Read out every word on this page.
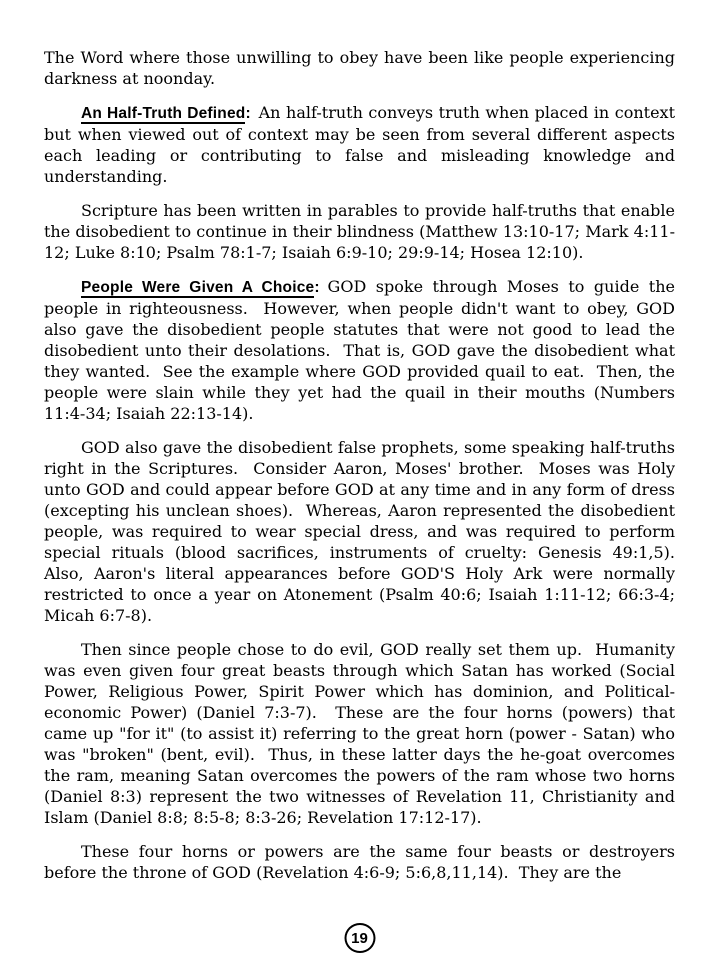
The Word where those unwilling to obey have been like people experiencing darkness at noonday.

An Half-Truth Defined:  An half-truth conveys truth when placed in context but when viewed out of context may be seen from several different aspects each leading or contributing to false and misleading knowledge and understanding.

Scripture has been written in parables to provide half-truths that enable the disobedient to continue in their blindness (Matthew 13:10-17; Mark 4:11-12; Luke 8:10; Psalm 78:1-7; Isaiah 6:9-10; 29:9-14; Hosea 12:10).

People Were Given A Choice:  GOD spoke through Moses to guide the people in righteousness.  However, when people didn't want to obey, GOD also gave the disobedient people statutes that were not good to lead the disobedient unto their desolations.  That is, GOD gave the disobedient what they wanted.  See the example where GOD provided quail to eat.  Then, the people were slain while they yet had the quail in their mouths (Numbers 11:4-34; Isaiah 22:13-14).

GOD also gave the disobedient false prophets, some speaking half-truths right in the Scriptures.  Consider Aaron, Moses' brother.  Moses was Holy unto GOD and could appear before GOD at any time and in any form of dress (excepting his unclean shoes).  Whereas, Aaron represented the disobedient people, was required to wear special dress, and was required to perform special rituals (blood sacrifices, instruments of cruelty: Genesis 49:1,5).  Also, Aaron's literal appearances before GOD'S Holy Ark were normally restricted to once a year on Atonement (Psalm 40:6; Isaiah 1:11-12; 66:3-4; Micah 6:7-8).

Then since people chose to do evil, GOD really set them up.  Humanity was even given four great beasts through which Satan has worked (Social Power, Religious Power, Spirit Power which has dominion, and Political-economic Power) (Daniel 7:3-7).  These are the four horns (powers) that came up "for it" (to assist it) referring to the great horn (power - Satan) who was "broken" (bent, evil).  Thus, in these latter days the he-goat overcomes the ram, meaning Satan overcomes the powers of the ram whose two horns (Daniel 8:3) represent the two witnesses of Revelation 11, Christianity and Islam (Daniel 8:8; 8:5-8; 8:3-26; Revelation 17:12-17).

These four horns or powers are the same four beasts or destroyers before the throne of GOD (Revelation 4:6-9; 5:6,8,11,14).  They are the

19
